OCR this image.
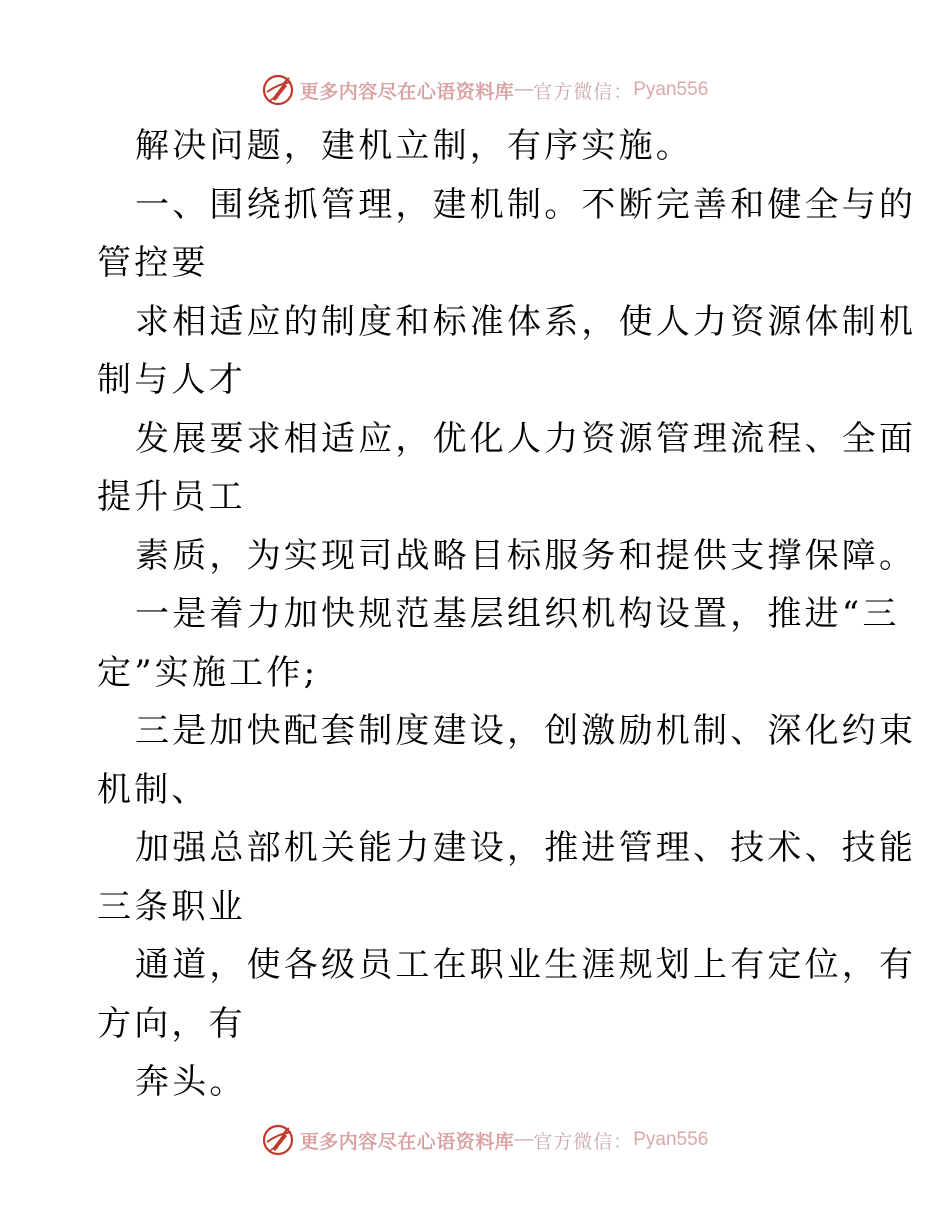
更多内容尽在心语资料库 — 官方微信： Pyan556
解决问题，建机立制，有序实施。
一、围绕抓管理，建机制。不断完善和健全与的
管控要
求相适应的制度和标准体系，使人力资源体制机
制与人才
发展要求相适应，优化人力资源管理流程、全面
提升员工
素质，为实现司战略目标服务和提供支撑保障。
一是着力加快规范基层组织机构设置，推进“三
定”实施工作;
三是加快配套制度建设，创激励机制、深化约束
机制、
加强总部机关能力建设，推进管理、技术、技能
三条职业
通道，使各级员工在职业生涯规划上有定位，有
方向，有
奔头。
更多内容尽在心语资料库 — 官方微信： Pyan556
